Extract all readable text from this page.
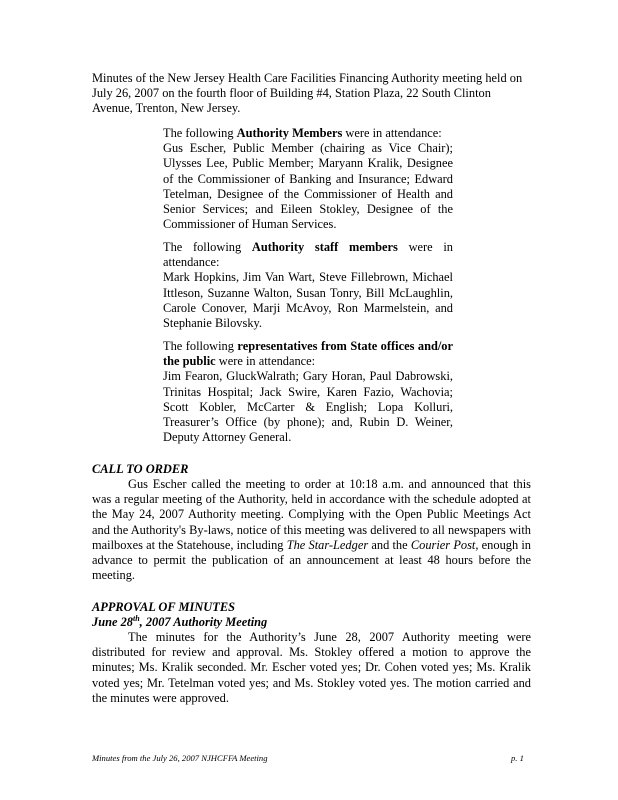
Minutes of the New Jersey Health Care Facilities Financing Authority meeting held on July 26, 2007 on the fourth floor of Building #4, Station Plaza, 22 South Clinton Avenue, Trenton, New Jersey.

The following Authority Members were in attendance:

Gus Escher, Public Member (chairing as Vice Chair); Ulysses Lee, Public Member; Maryann Kralik, Designee of the Commissioner of Banking and Insurance; Edward Tetelman, Designee of the Commissioner of Health and Senior Services; and Eileen Stokley, Designee of the Commissioner of Human Services.

The following Authority staff members were in attendance:

Mark Hopkins, Jim Van Wart, Steve Fillebrown, Michael Ittleson, Suzanne Walton, Susan Tonry, Bill McLaughlin, Carole Conover, Marji McAvoy, Ron Marmelstein, and Stephanie Bilovsky.

The following representatives from State offices and/or the public were in attendance:

Jim Fearon, GluckWalrath; Gary Horan, Paul Dabrowski, Trinitas Hospital; Jack Swire, Karen Fazio, Wachovia; Scott Kobler, McCarter & English; Lopa Kolluri, Treasurer’s Office (by phone); and, Rubin D. Weiner, Deputy Attorney General.

CALL TO ORDER

Gus Escher called the meeting to order at 10:18 a.m. and announced that this was a regular meeting of the Authority, held in accordance with the schedule adopted at the May 24, 2007 Authority meeting. Complying with the Open Public Meetings Act and the Authority's By-laws, notice of this meeting was delivered to all newspapers with mailboxes at the Statehouse, including The Star-Ledger and the Courier Post, enough in advance to permit the publication of an announcement at least 48 hours before the meeting.

APPROVAL OF MINUTES
June 28th, 2007 Authority Meeting

The minutes for the Authority’s June 28, 2007 Authority meeting were distributed for review and approval. Ms. Stokley offered a motion to approve the minutes; Ms. Kralik seconded. Mr. Escher voted yes; Dr. Cohen voted yes; Ms. Kralik voted yes; Mr. Tetelman voted yes; and Ms. Stokley voted yes. The motion carried and the minutes were approved.

Minutes from the July 26, 2007 NJHCFFA Meeting	p. 1
